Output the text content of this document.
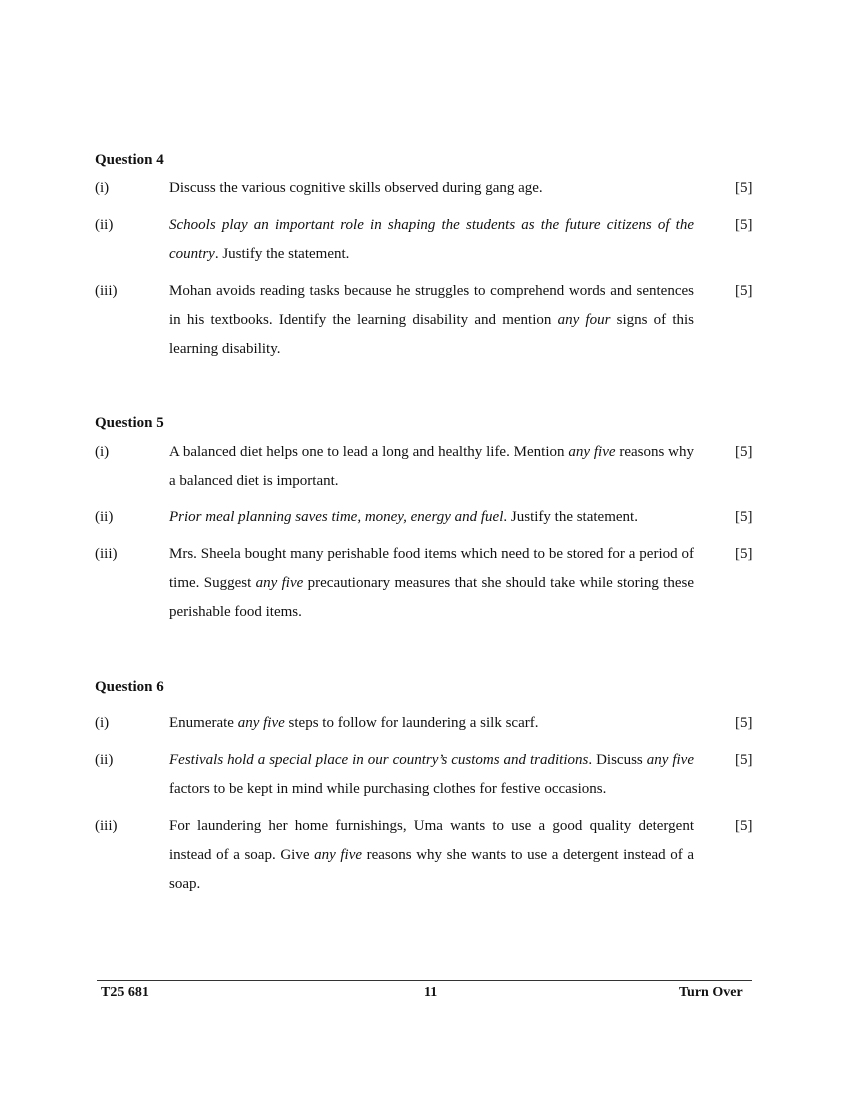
Question 4
(i)	Discuss the various cognitive skills observed during gang age.	[5]
(ii)	Schools play an important role in shaping the students as the future citizens of the country. Justify the statement.
[5]
(iii)	Mohan avoids reading tasks because he struggles to comprehend words and sentences in his textbooks. Identify the learning disability and mention any four signs of this learning disability.
[5]
Question 5
(i)	A balanced diet helps one to lead a long and healthy life. Mention any five reasons why a balanced diet is important.
[5]
(ii)	Prior meal planning saves time, money, energy and fuel. Justify the statement.	[5]
(iii)	Mrs. Sheela bought many perishable food items which need to be stored for a period of time. Suggest any five precautionary measures that she should take while storing these perishable food items.
[5]
Question 6
(i)	Enumerate any five steps to follow for laundering a silk scarf.	[5]
(ii)	Festivals hold a special place in our country’s customs and traditions. Discuss any five factors to be kept in mind while purchasing clothes for festive occasions.
[5]
(iii)	For laundering her home furnishings, Uma wants to use a good quality detergent instead of a soap. Give any five reasons why she wants to use a detergent instead of a soap.
[5]
T25 681	11	Turn Over
